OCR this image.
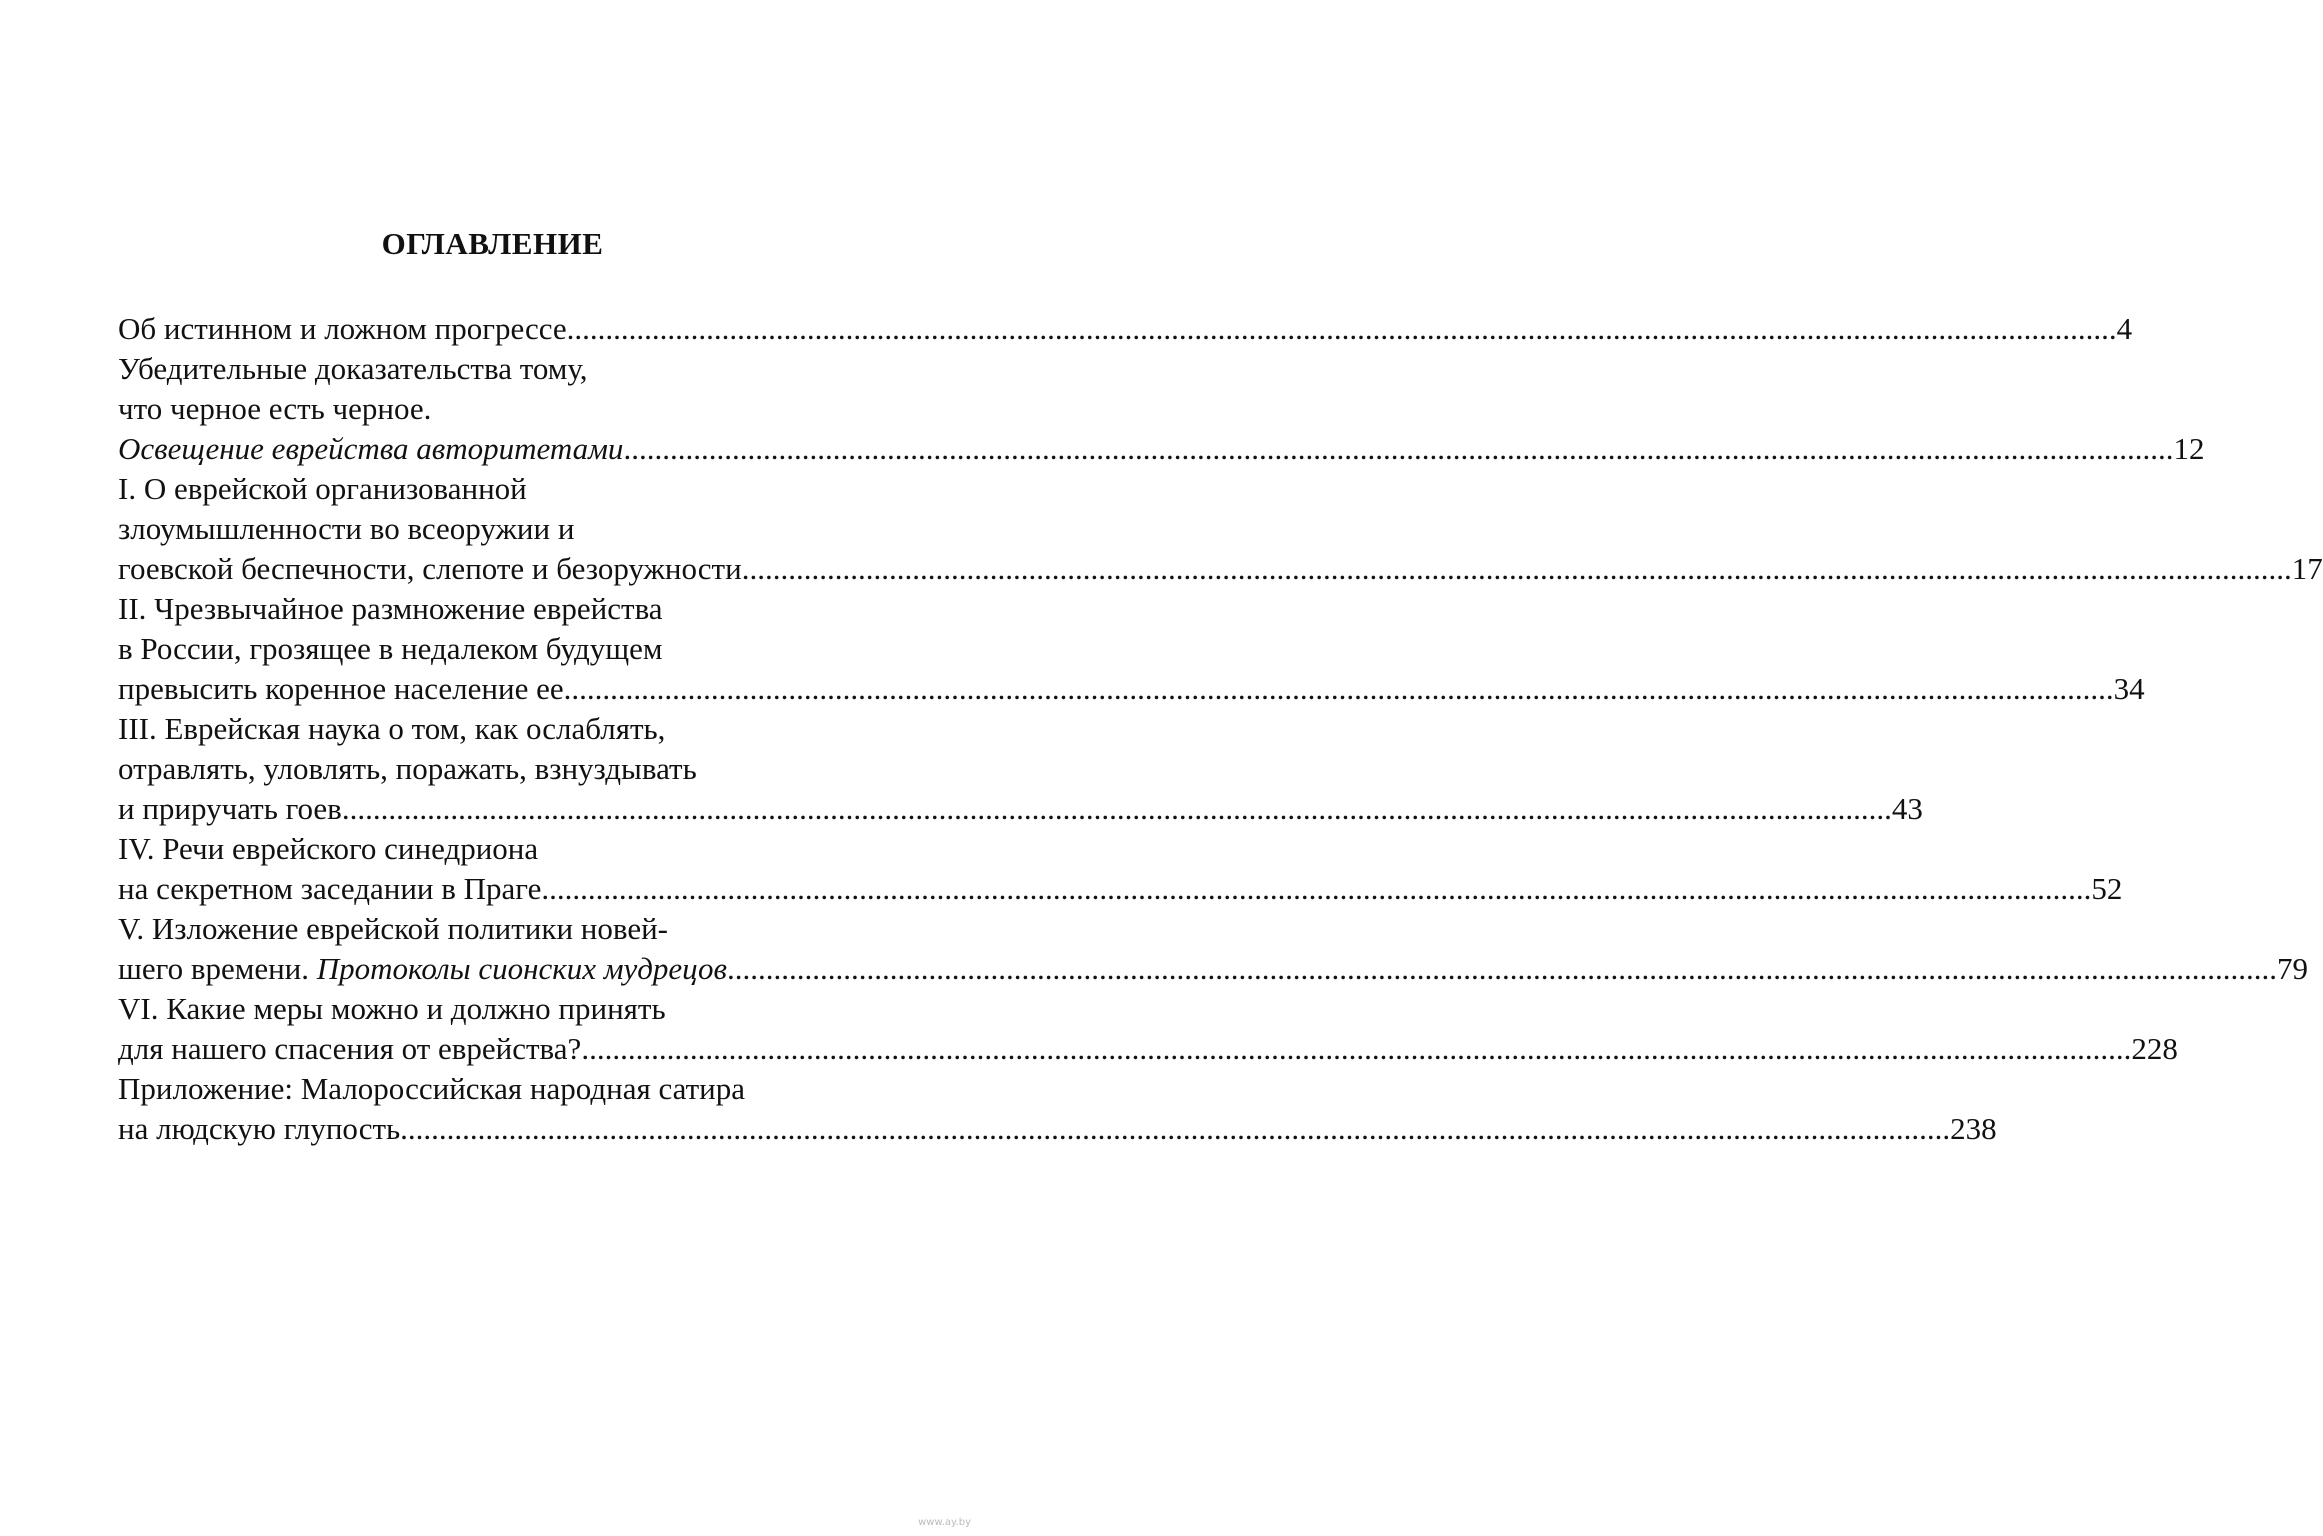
ОГЛАВЛЕНИЕ
Об истинном и ложном прогрессе ........................................................................................................................................................................................................ 4
Убедительные доказательства тому,
что черное есть черное.
Освещение еврейства авторитетами ........................................................................................................................................................................................................ 12
I. О еврейской организованной
злоумышленности во всеоружии и
гоевской беспечности, слепоте и безоружности ........................................................................................................................................................................................................ 17
II. Чрезвычайное размножение еврейства
в России, грозящее в недалеком будущем
превысить коренное население ее ........................................................................................................................................................................................................ 34
III. Еврейская наука о том, как ослаблять,
отравлять, уловлять, поражать, взнуздывать
и приручать гоев ........................................................................................................................................................................................................ 43
IV. Речи еврейского синедриона
на секретном заседании в Праге ........................................................................................................................................................................................................ 52
V. Изложение еврейской политики новей-
шего времени. Протоколы сионских мудрецов ........................................................................................................................................................................................................ 79
VI. Какие меры можно и должно принять
для нашего спасения от еврейства? ........................................................................................................................................................................................................ 228
Приложение: Малороссийская народная сатира
на людскую глупость ........................................................................................................................................................................................................ 238
www.ay.by
